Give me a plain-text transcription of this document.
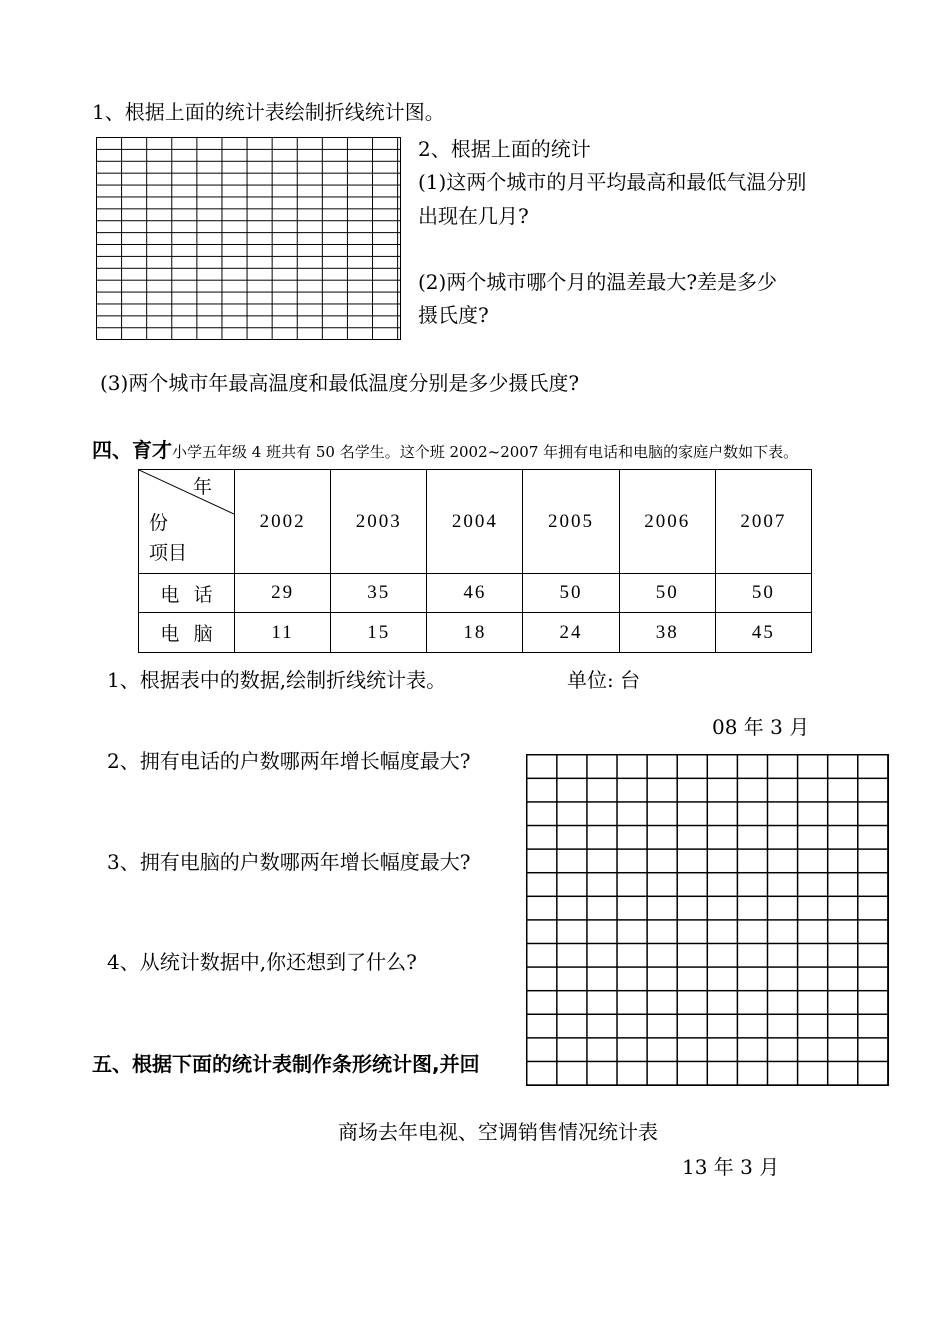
1、根据上面的统计表绘制折线统计图。
2、根据上面的统计
(1)这两个城市的月平均最高和最低气温分别
出现在几月?
(2)两个城市哪个月的温差最大?差是多少
摄氏度?
(3)两个城市年最高温度和最低温度分别是多少摄氏度?
四、育才小学五年级 4 班共有 50 名学生。这个班 2002~2007 年拥有电话和电脑的家庭户数如下表。
年
份
项目	2002	2003	2004	2005	2006	2007
电   话	29	35	46	50	50	50
电   脑	11	15	18	24	38	45
1、根据表中的数据,绘制折线统计表。	单位: 台
08 年 3 月
2、拥有电话的户数哪两年增长幅度最大?
3、拥有电脑的户数哪两年增长幅度最大?
4、从统计数据中,你还想到了什么?
五、根据下面的统计表制作条形统计图,并回
商场去年电视、空调销售情况统计表
13 年 3 月
